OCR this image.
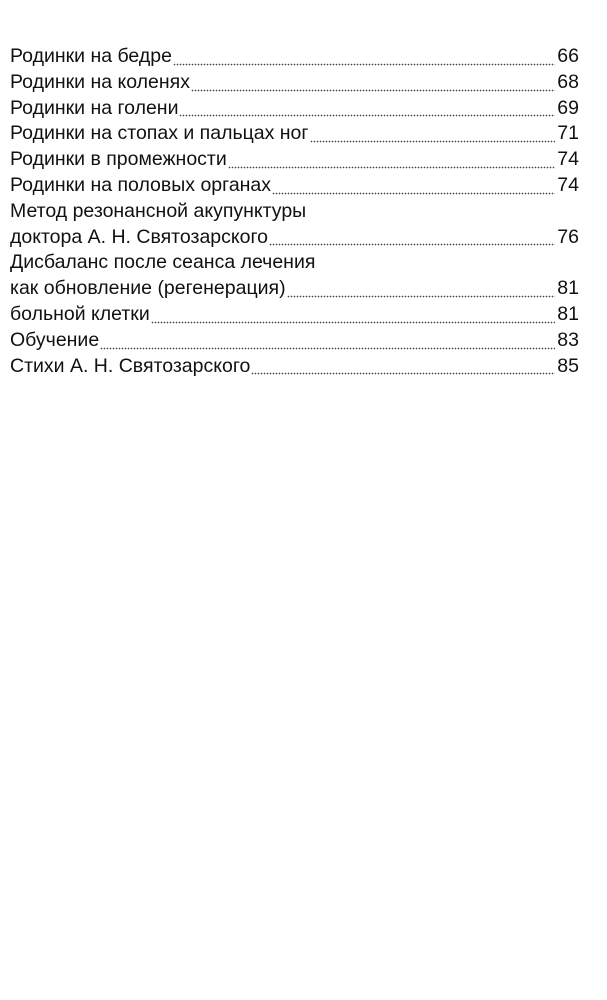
Родинки на бедре	66
Родинки на коленях	68
Родинки на голени	69
Родинки на стопах и пальцах ног	71
Родинки в промежности	74
Родинки на половых органах	74
Метод резонансной акупунктуры
доктора А. Н. Святозарского	76
Дисбаланс после сеанса лечения
как обновление (регенерация)	81
больной клетки	81
Обучение	83
Стихи А. Н. Святозарского	85
